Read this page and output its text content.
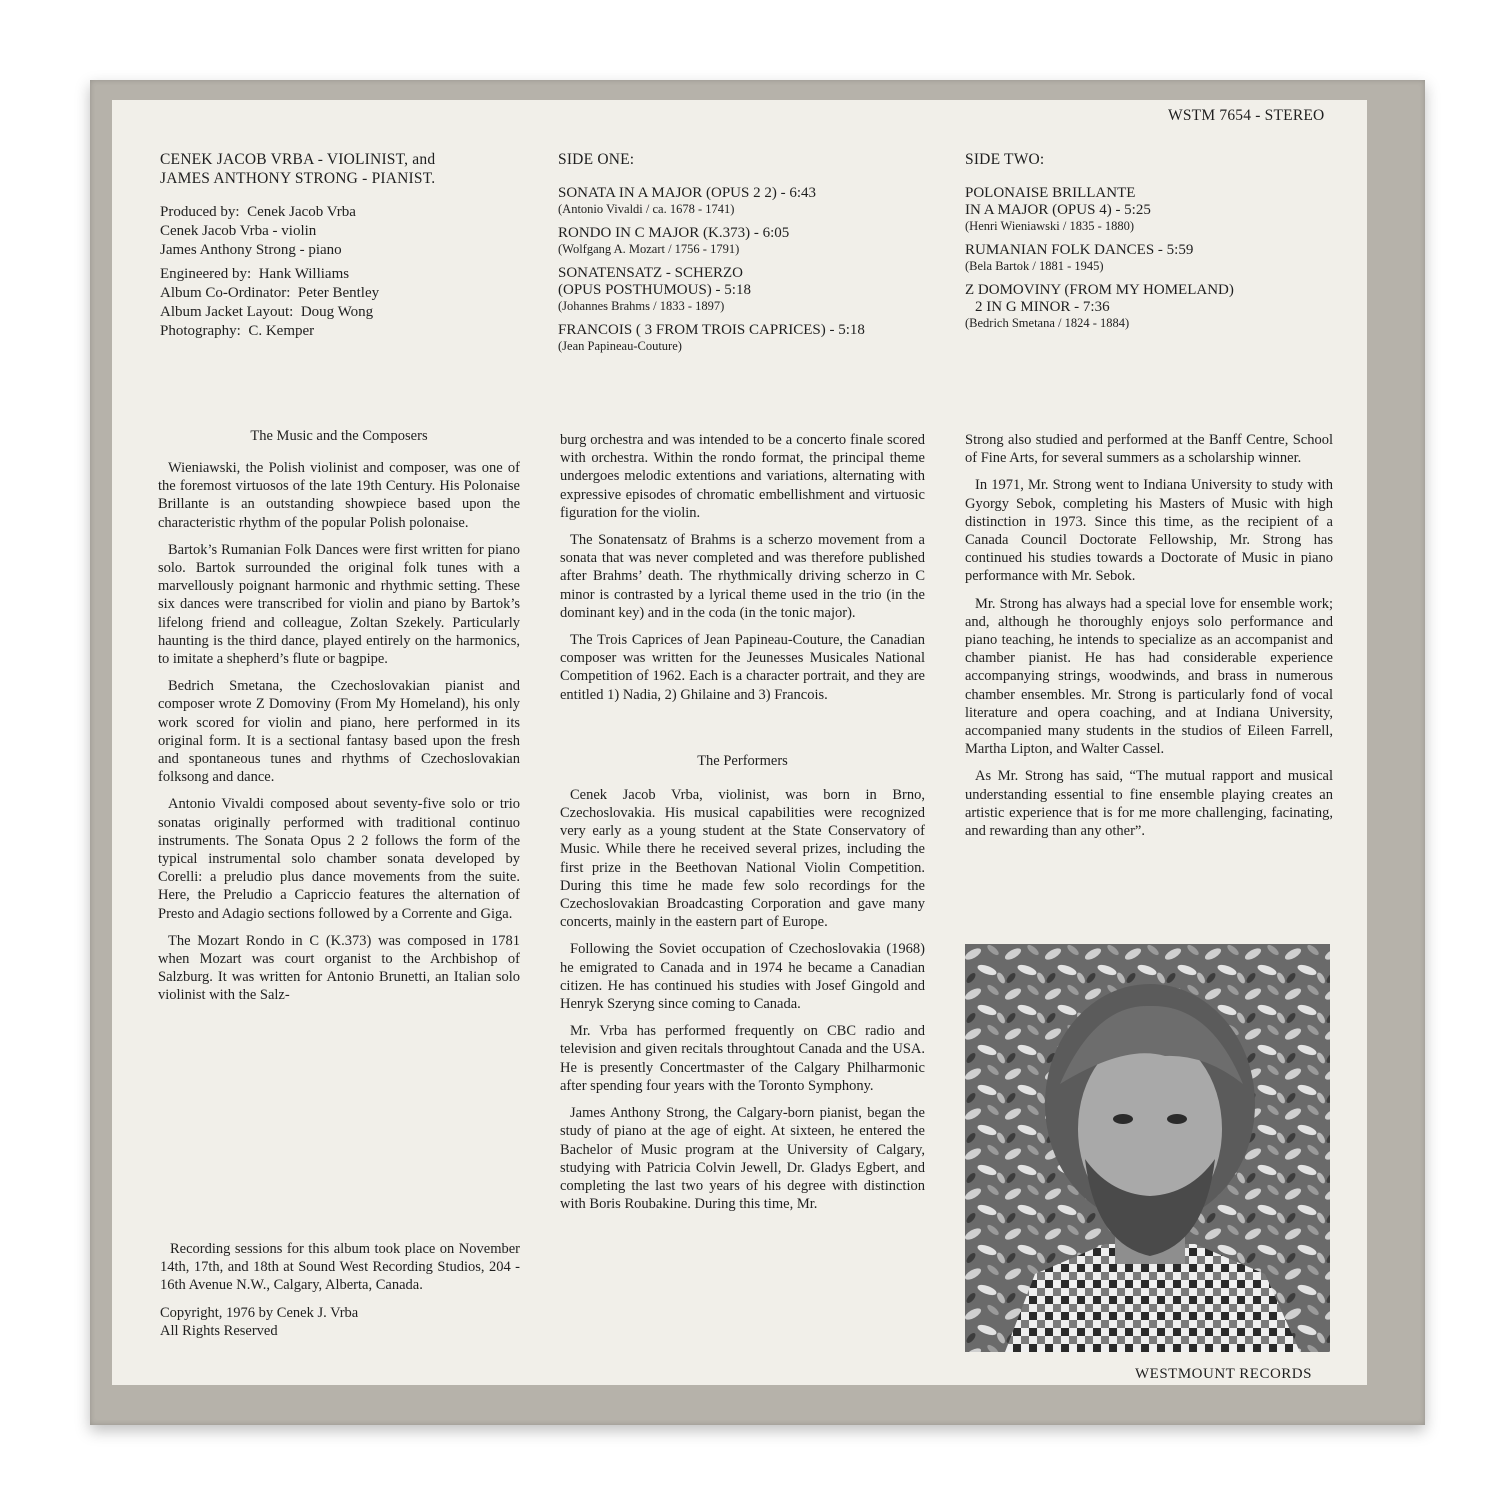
WSTM 7654 - STEREO
CENEK JACOB VRBA - VIOLINIST, and
JAMES ANTHONY STRONG - PIANIST.
Produced by: Cenek Jacob Vrba
Cenek Jacob Vrba - violin
James Anthony Strong - piano
Engineered by: Hank Williams
Album Co-Ordinator: Peter Bentley
Album Jacket Layout: Doug Wong
Photography: C. Kemper
SIDE ONE:
SONATA IN A MAJOR (OPUS 2 2) - 6:43
(Antonio Vivaldi / ca. 1678 - 1741)
RONDO IN C MAJOR (K.373) - 6:05
(Wolfgang A. Mozart / 1756 - 1791)
SONATENSATZ - SCHERZO
(OPUS POSTHUMOUS) - 5:18
(Johannes Brahms / 1833 - 1897)
FRANCOIS ( 3 FROM TROIS CAPRICES) - 5:18
(Jean Papineau-Couture)
SIDE TWO:
POLONAISE BRILLANTE
IN A MAJOR (OPUS 4) - 5:25
(Henri Wieniawski / 1835 - 1880)
RUMANIAN FOLK DANCES - 5:59
(Bela Bartok / 1881 - 1945)
Z DOMOVINY (FROM MY HOMELAND)
2 IN G MINOR - 7:36
(Bedrich Smetana / 1824 - 1884)
The Music and the Composers

Wieniawski, the Polish violinist and composer, was one of the foremost virtuosos of the late 19th Century. His Polonaise Brillante is an outstanding showpiece based upon the characteristic rhythm of the popular Polish polonaise.

Bartok’s Rumanian Folk Dances were first written for piano solo. Bartok surrounded the original folk tunes with a marvellously poignant harmonic and rhythmic setting. These six dances were transcribed for violin and piano by Bartok’s lifelong friend and colleague, Zoltan Szekely. Particularly haunting is the third dance, played entirely on the harmonics, to imitate a shepherd’s flute or bagpipe.

Bedrich Smetana, the Czechoslovakian pianist and composer wrote Z Domoviny (From My Homeland), his only work scored for violin and piano, here performed in its original form. It is a sectional fantasy based upon the fresh and spontaneous tunes and rhythms of Czechoslovakian folksong and dance.

Antonio Vivaldi composed about seventy-five solo or trio sonatas originally performed with traditional continuo instruments. The Sonata Opus 2 2 follows the form of the typical instrumental solo chamber sonata developed by Corelli: a preludio plus dance movements from the suite. Here, the Preludio a Capriccio features the alternation of Presto and Adagio sections followed by a Corrente and Giga.

The Mozart Rondo in C (K.373) was composed in 1781 when Mozart was court organist to the Archbishop of Salzburg. It was written for Antonio Brunetti, an Italian solo violinist with the Salz-

Recording sessions for this album took place on November 14th, 17th, and 18th at Sound West Recording Studios, 204 - 16th Avenue N.W., Calgary, Alberta, Canada.

Copyright, 1976 by Cenek J. Vrba

All Rights Reserved

burg orchestra and was intended to be a concerto finale scored with orchestra. Within the rondo format, the principal theme undergoes melodic extentions and variations, alternating with expressive episodes of chromatic embellishment and virtuosic figuration for the violin.

The Sonatensatz of Brahms is a scherzo movement from a sonata that was never completed and was therefore published after Brahms’ death. The rhythmically driving scherzo in C minor is contrasted by a lyrical theme used in the trio (in the dominant key) and in the coda (in the tonic major).

The Trois Caprices of Jean Papineau-Couture, the Canadian composer was written for the Jeunesses Musicales National Competition of 1962. Each is a character portrait, and they are entitled 1) Nadia, 2) Ghilaine and 3) Francois.

The Performers

Cenek Jacob Vrba, violinist, was born in Brno, Czechoslovakia. His musical capabilities were recognized very early as a young student at the State Conservatory of Music. While there he received several prizes, including the first prize in the Beethovan National Violin Competition. During this time he made few solo recordings for the Czechoslovakian Broadcasting Corporation and gave many concerts, mainly in the eastern part of Europe.

Following the Soviet occupation of Czechoslovakia (1968) he emigrated to Canada and in 1974 he became a Canadian citizen. He has continued his studies with Josef Gingold and Henryk Szeryng since coming to Canada.

Mr. Vrba has performed frequently on CBC radio and television and given recitals throughtout Canada and the USA. He is presently Concertmaster of the Calgary Philharmonic after spending four years with the Toronto Symphony.

James Anthony Strong, the Calgary-born pianist, began the study of piano at the age of eight. At sixteen, he entered the Bachelor of Music program at the University of Calgary, studying with Patricia Colvin Jewell, Dr. Gladys Egbert, and completing the last two years of his degree with distinction with Boris Roubakine. During this time, Mr.

Strong also studied and performed at the Banff Centre, School of Fine Arts, for several summers as a scholarship winner.

In 1971, Mr. Strong went to Indiana University to study with Gyorgy Sebok, completing his Masters of Music with high distinction in 1973. Since this time, as the recipient of a Canada Council Doctorate Fellowship, Mr. Strong has continued his studies towards a Doctorate of Music in piano performance with Mr. Sebok.

Mr. Strong has always had a special love for ensemble work; and, although he thoroughly enjoys solo performance and piano teaching, he intends to specialize as an accompanist and chamber pianist. He has had considerable experience accompanying strings, woodwinds, and brass in numerous chamber ensembles. Mr. Strong is particularly fond of vocal literature and opera coaching, and at Indiana University, accompanied many students in the studios of Eileen Farrell, Martha Lipton, and Walter Cassel.

As Mr. Strong has said, “The mutual rapport and musical understanding essential to fine ensemble playing creates an artistic experience that is for me more challenging, facinating, and rewarding than any other”.

WESTMOUNT RECORDS
